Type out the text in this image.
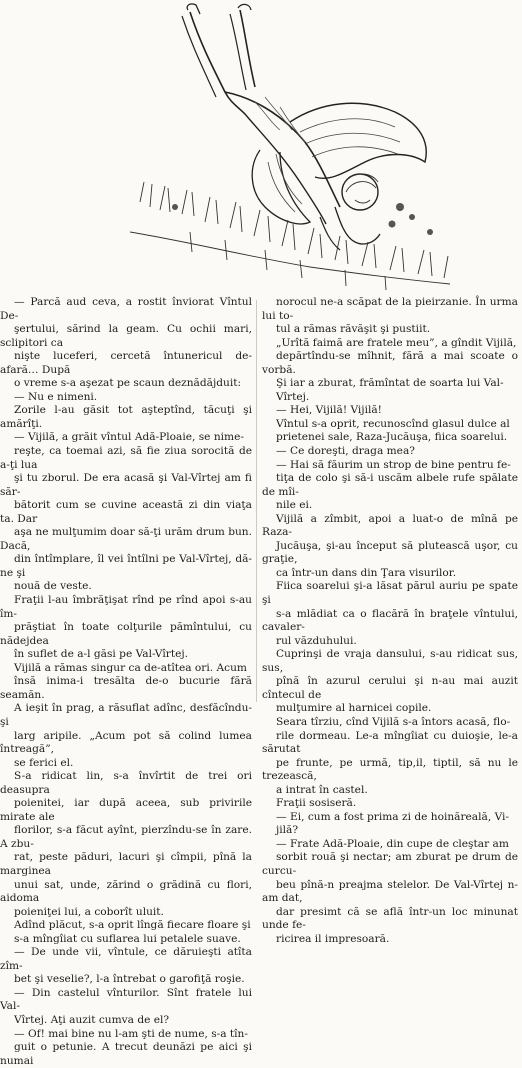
— Parcă aud ceva, a rostit înviorat Vîntul De-

şertului, sărind la geam. Cu ochii mari, sclipitori ca

nişte luceferi, cercetă întunericul de-afară… După

o vreme s-a aşezat pe scaun deznădăjduit:

— Nu e nimeni.

Zorile l-au găsit tot aşteptînd, tăcuţi şi amărîţi.

— Vijilă, a grăit vîntul Adă-Ploaie, se nime-

reşte, ca toemai azi, să fie ziua sorocită de a-ţi lua

şi tu zborul. De era acasă şi Val-Vîrtej am fi săr-

bătorit cum se cuvine această zi din viaţa ta. Dar

aşa ne mulţumim doar să-ţi urăm drum bun. Dacă,

din întîmplare, îl vei întîlni pe Val-Vîrtej, dă-ne şi

nouă de veste.

Fraţii l-au îmbrăţişat rînd pe rînd apoi s-au îm-

prăştiat în toate colţurile pămîntului, cu nădejdea

în suflet de a-l găsi pe Val-Vîrtej.

Vijilă a rămas singur ca de-atîtea ori. Acum

însă inima-i tresălta de-o bucurie fără seamăn.

A ieşit în prag, a răsuflat adînc, desfăcîndu-şi

larg aripile. „Acum pot să colind lumea întreagă”,

se ferici el.

S-a ridicat lin, s-a învîrtit de trei ori deasupra

poienitei, iar după aceea, sub privirile mirate ale

florilor, s-a făcut ayînt, pierzîndu-se în zare. A zbu-

rat, peste păduri, lacuri şi cîmpii, pînă la marginea

unui sat, unde, zărind o grădină cu flori, aidoma

poieniţei lui, a coborît uluit.

Adînd plăcut, s-a oprit lîngă fiecare floare şi

s-a mîngîiat cu suflarea lui petalele suave.

— De unde vii, vîntule, ce dăruieşti atîta zîm-

bet şi veselie?, l-a întrebat o garofiţă roşie.

— Din castelul vînturilor. Sînt fratele lui Val-

Vîrtej. Aţi auzit cumva de el?

— Of! mai bine nu l-am şti de nume, s-a tîn-

guit o petunie. A trecut deunăzi pe aici şi numai

norocul ne-a scăpat de la pieirzanie. În urma lui to-

tul a rămas răvăşit şi pustiit.

„Urîtă faimă are fratele meu”, a gîndit Vijilă,

depărtîndu-se mîhnit, fără a mai scoate o vorbă.

Şi iar a zburat, frămîntat de soarta lui Val-

Vîrtej.

— Hei, Vijilă! Vijilă!

Vîntul s-a oprit, recunoscînd glasul dulce al

prietenei sale, Raza-Jucăuşa, fiica soarelui.

— Ce doreşti, draga mea?

— Hai să făurim un strop de bine pentru fe-

tiţa de colo şi să-i uscăm albele rufe spălate de mîi-

nile ei.

Vijilă a zîmbit, apoi a luat-o de mînă pe Raza-

Jucăuşa, şi-au început să plutească uşor, cu graţie,

ca într-un dans din Ţara visurilor.

Fiica soarelui şi-a lăsat părul auriu pe spate şi

s-a mlădiat ca o flacără în braţele vîntului, cavaler-

rul văzduhului.

Cuprinşi de vraja dansului, s-au ridicat sus, sus,

pînă în azurul cerului şi n-au mai auzit cîntecul de

mulţumire al harnicei copile.

Seara tîrziu, cînd Vijilă s-a întors acasă, flo-

rile dormeau. Le-a mîngîiat cu duioşie, le-a sărutat

pe frunte, pe urmă, tip,il, tiptil, să nu le trezească,

a intrat în castel.

Fraţii sosiseră.

— Ei, cum a fost prima zi de hoinăreală, Vi-

jilă?

— Frate Adă-Ploaie, din cupe de cleştar am

sorbit rouă şi nectar; am zburat pe drum de curcu-

beu pînă-n preajma stelelor. De Val-Vîrtej n-am dat,

dar presimt că se află într-un loc minunat unde fe-

ricirea il impresoară.
